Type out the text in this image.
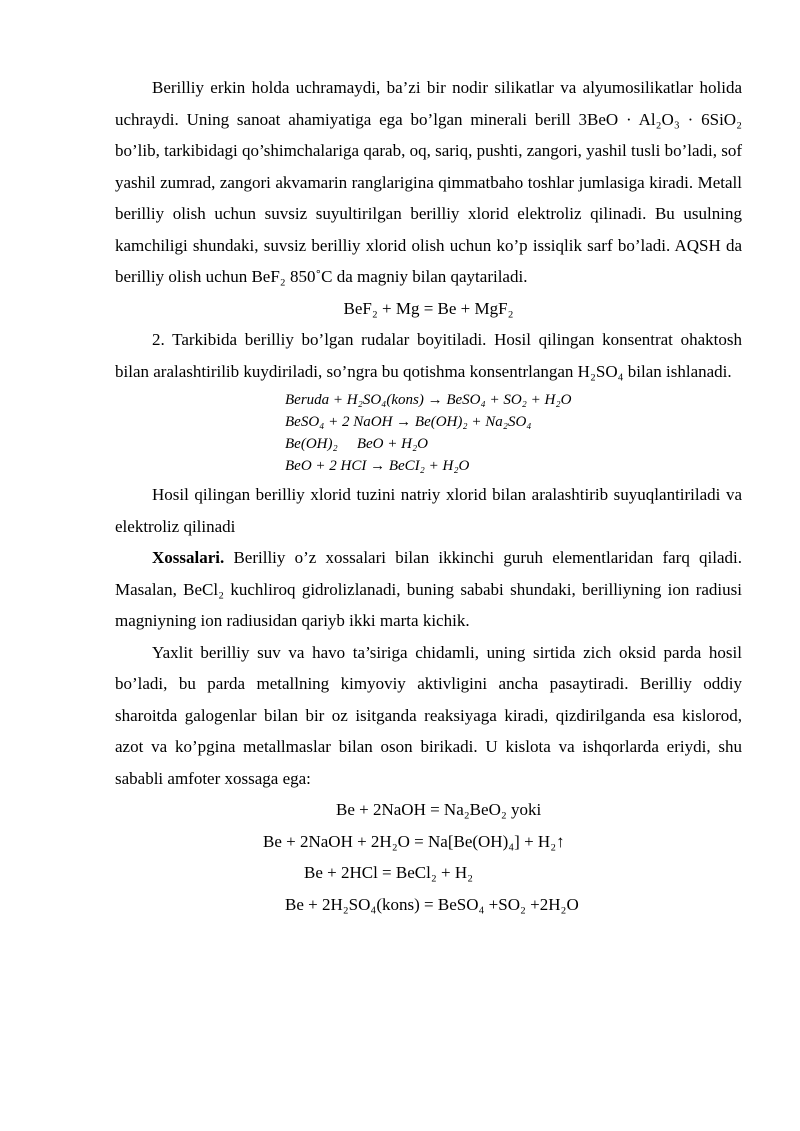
Berilliy erkin holda uchramaydi, ba’zi bir nodir silikatlar va alyumosilikatlar holida uchraydi. Uning sanoat ahamiyatiga ega bo’lgan minerali berill 3BeO · Al₂O₃ · 6SiO₂ bo’lib, tarkibidagi qo’shimchalariga qarab, oq, sariq, pushti, zangori, yashil tusli bo’ladi, sof yashil zumrad, zangori akvamarin ranglarigina qimmatbaho toshlar jumlasiga kiradi. Metall berilliy olish uchun suvsiz suyultirilgan berilliy xlorid elektroliz qilinadi. Bu usulning kamchiligi shundaki, suvsiz berilliy xlorid olish uchun ko’p issiqlik sarf bo’ladi. AQSH da berilliy olish uchun BeF₂ 850˚C da magniy bilan qaytariladi.

BeF₂ + Mg = Be + MgF₂

2. Tarkibida berilliy bo’lgan rudalar boyitiladi. Hosil qilingan konsentrat ohaktosh bilan aralashtirilib kuydiriladi, so’ngra bu qotishma konsentrlangan H₂SO₄ bilan ishlanadi.

Beruda + H₂SO₄(kons) → BeSO₄ + SO₂ + H₂O
BeSO₄ + 2 NaOH → Be(OH)₂ + Na₂SO₄
Be(OH)₂ ⃗ BeO + H₂O
BeO + 2 HCI → BeCI₂ + H₂O

Hosil qilingan berilliy xlorid tuzini natriy xlorid bilan aralashtirib suyuqlantiriladi va elektroliz qilinadi

Xossalari. Berilliy o’z xossalari bilan ikkinchi guruh elementlaridan farq qiladi. Masalan, BeCl₂ kuchliroq gidrolizlanadi, buning sababi shundaki, berilliyning ion radiusi magniyning ion radiusidan qariyb ikki marta kichik.

Yaxlit berilliy suv va havo ta’siriga chidamli, uning sirtida zich oksid parda hosil bo’ladi, bu parda metallning kimyoviy aktivligini ancha pasaytiradi. Berilliy oddiy sharoitda galogenlar bilan bir oz isitganda reaksiyaga kiradi, qizdirilganda esa kislorod, azot va ko’pgina metallmaslar bilan oson birikadi. U kislota va ishqorlarda eriydi, shu sababli amfoter xossaga ega:

Be + 2NaOH = Na₂BeO₂ yoki

Be + 2NaOH + 2H₂O = Na[Be(OH)₄] + H₂↑

Be + 2HCl = BeCl₂ + H₂

Be + 2H₂SO₄(kons) = BeSO₄ +SO₂ +2H₂O
